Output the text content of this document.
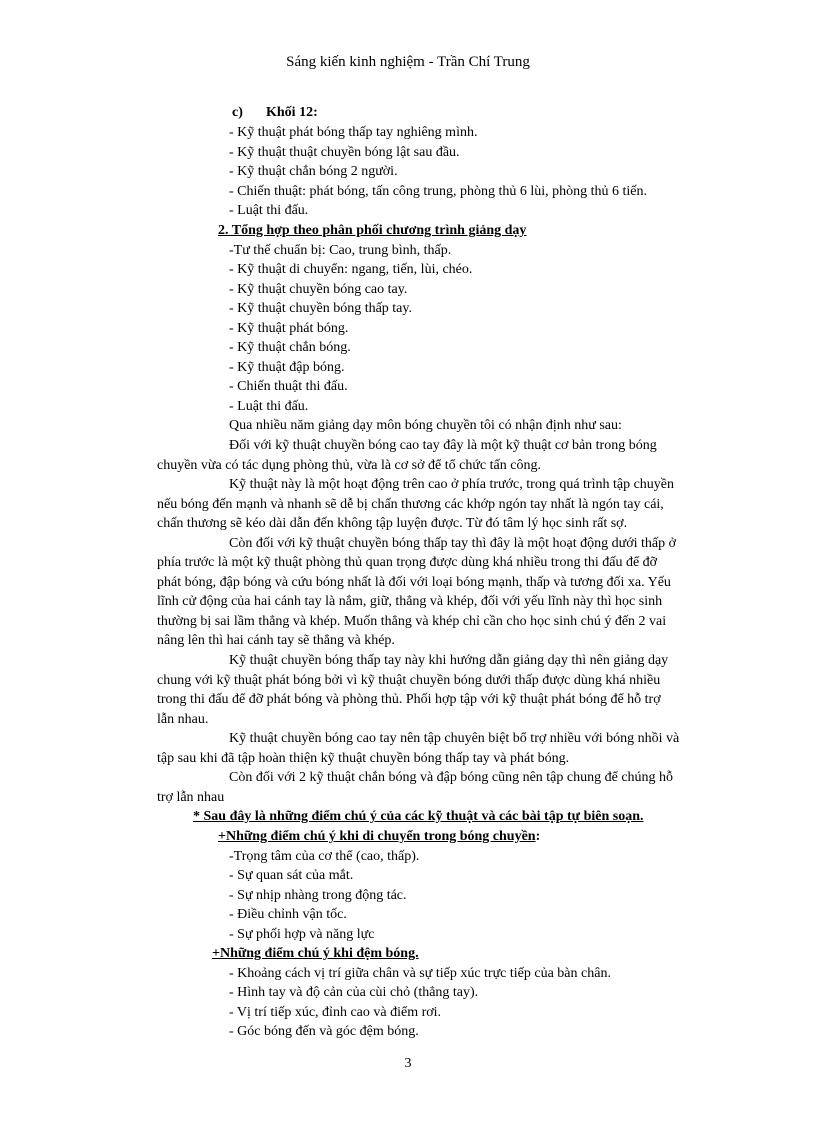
Sáng kiến kinh nghiệm - Trần Chí Trung
c) Khối 12:
- Kỹ thuật phát bóng thấp tay nghiêng mình.
- Kỹ thuật thuật chuyền bóng lật sau đầu.
- Kỹ thuật chắn bóng 2 người.
- Chiến thuật: phát bóng, tấn công trung, phòng thủ 6 lùi, phòng thủ 6 tiến.
- Luật thi đấu.
2. Tổng hợp theo phân phối chương trình giảng dạy
-Tư thế chuẩn bị: Cao, trung bình, thấp.
- Kỹ thuật di chuyển: ngang, tiến, lùi, chéo.
- Kỹ thuật chuyền bóng cao tay.
- Kỹ thuật chuyền bóng thấp tay.
- Kỹ thuật phát bóng.
- Kỹ thuật chắn bóng.
- Kỹ thuật đập bóng.
- Chiến thuật thi đấu.
- Luật thi đấu.
Qua nhiều năm giảng dạy môn bóng chuyền tôi có nhận định như sau:
Đối với kỹ thuật chuyền bóng cao tay đây là một kỹ thuật cơ bản trong bóng
chuyền vừa có tác dụng phòng thủ, vừa là cơ sở để tổ chức tấn công.
Kỹ thuật này là một hoạt động trên cao ở phía trước, trong quá trình tập chuyền
nếu bóng đến mạnh và nhanh sẽ dễ bị chấn thương các khớp ngón tay nhất là ngón tay cái,
chấn thương sẽ kéo dài dẫn đến không tập luyện được. Từ đó tâm lý học sinh rất sợ.
Còn đối với kỹ thuật chuyền bóng thấp tay thì đây là một hoạt động dưới thấp ở
phía trước là một kỹ thuật phòng thủ quan trọng được dùng khá nhiều trong thi đấu để đỡ
phát bóng, đập bóng và cứu bóng nhất là đối với loại bóng mạnh, thấp và tương đối xa. Yếu
lĩnh cử động của hai cánh tay là nắm, giữ, thẳng và khép, đối với yếu lĩnh này thì học sinh
thường bị sai lầm thẳng và khép. Muốn thẳng và khép chỉ cần cho học sinh chú ý đến 2 vai
nâng lên thì hai cánh tay sẽ thẳng và khép.
Kỹ thuật chuyền bóng thấp tay này khi hướng dẫn giảng dạy thì nên giảng dạy
chung với kỹ thuật phát bóng bởi vì kỹ thuật chuyền bóng dưới thấp được dùng khá nhiều
trong thi đấu để đỡ phát bóng và phòng thủ. Phối hợp tập với kỹ thuật phát bóng để hỗ trợ
lẫn nhau.
Kỹ thuật chuyền bóng cao tay nên tập chuyên biệt bổ trợ nhiều với bóng nhồi và
tập sau khi đã tập hoàn thiện kỹ thuật chuyền bóng thấp tay và phát bóng.
Còn đối với 2 kỹ thuật chắn bóng và đập bóng cũng nên tập chung để chúng hỗ
trợ lẫn nhau
* Sau đây là những điểm chú ý của các kỹ thuật và các bài tập tự biên soạn.
+Những điểm chú ý khi di chuyển trong bóng chuyền:
-Trọng tâm của cơ thể (cao, thấp).
- Sự quan sát của mắt.
- Sự nhịp nhàng trong động tác.
- Điều chỉnh vận tốc.
- Sự phối hợp và năng lực
+Những điểm chú ý khi đệm bóng.
- Khoảng cách vị trí giữa chân và sự tiếp xúc trực tiếp của bàn chân.
- Hình tay và độ cản của cùi chỏ (thẳng tay).
- Vị trí tiếp xúc, đỉnh cao và điểm rơi.
- Góc bóng đến và góc đệm bóng.
3
